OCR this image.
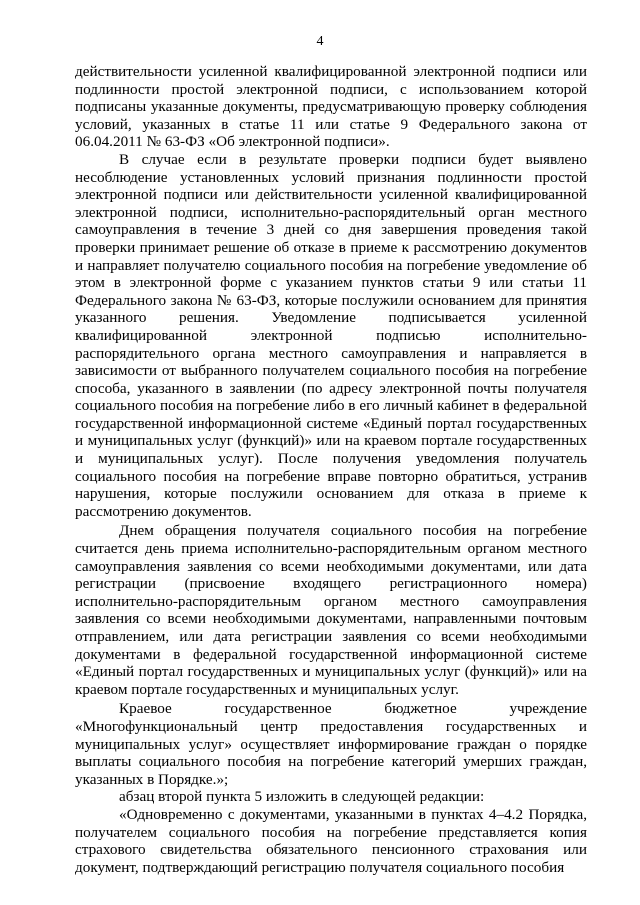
4

действительности усиленной квалифицированной электронной подписи или подлинности простой электронной подписи, с использованием которой подписаны указанные документы, предусматривающую проверку соблюдения условий, указанных в статье 11 или статье 9 Федерального закона от 06.04.2011 № 63-ФЗ «Об электронной подписи».

В случае если в результате проверки подписи будет выявлено несоблюдение установленных условий признания подлинности простой электронной подписи или действительности усиленной квалифицированной электронной подписи, исполнительно-распорядительный орган местного самоуправления в течение 3 дней со дня завершения проведения такой проверки принимает решение об отказе в приеме к рассмотрению документов и направляет получателю социального пособия на погребение уведомление об этом в электронной форме с указанием пунктов статьи 9 или статьи 11 Федерального закона № 63-ФЗ, которые послужили основанием для принятия указанного решения. Уведомление подписывается усиленной квалифицированной электронной подписью исполнительно-распорядительного органа местного самоуправления и направляется в зависимости от выбранного получателем социального пособия на погребение способа, указанного в заявлении (по адресу электронной почты получателя социального пособия на погребение либо в его личный кабинет в федеральной государственной информационной системе «Единый портал государственных и муниципальных услуг (функций)» или на краевом портале государственных и муниципальных услуг). После получения уведомления получатель социального пособия на погребение вправе повторно обратиться, устранив нарушения, которые послужили основанием для отказа в приеме к рассмотрению документов.

Днем обращения получателя социального пособия на погребение считается день приема исполнительно-распорядительным органом местного самоуправления заявления со всеми необходимыми документами, или дата регистрации (присвоение входящего регистрационного номера) исполнительно-распорядительным органом местного самоуправления заявления со всеми необходимыми документами, направленными почтовым отправлением, или дата регистрации заявления со всеми необходимыми документами в федеральной государственной информационной системе «Единый портал государственных и муниципальных услуг (функций)» или на краевом портале государственных и муниципальных услуг.

Краевое государственное бюджетное учреждение «Многофункциональный центр предоставления государственных и муниципальных услуг» осуществляет информирование граждан о порядке выплаты социального пособия на погребение категорий умерших граждан, указанных в Порядке.»;

абзац второй пункта 5 изложить в следующей редакции:

«Одновременно с документами, указанными в пунктах 4–4.2 Порядка, получателем социального пособия на погребение представляется копия страхового свидетельства обязательного пенсионного страхования или документ, подтверждающий регистрацию получателя социального пособия
